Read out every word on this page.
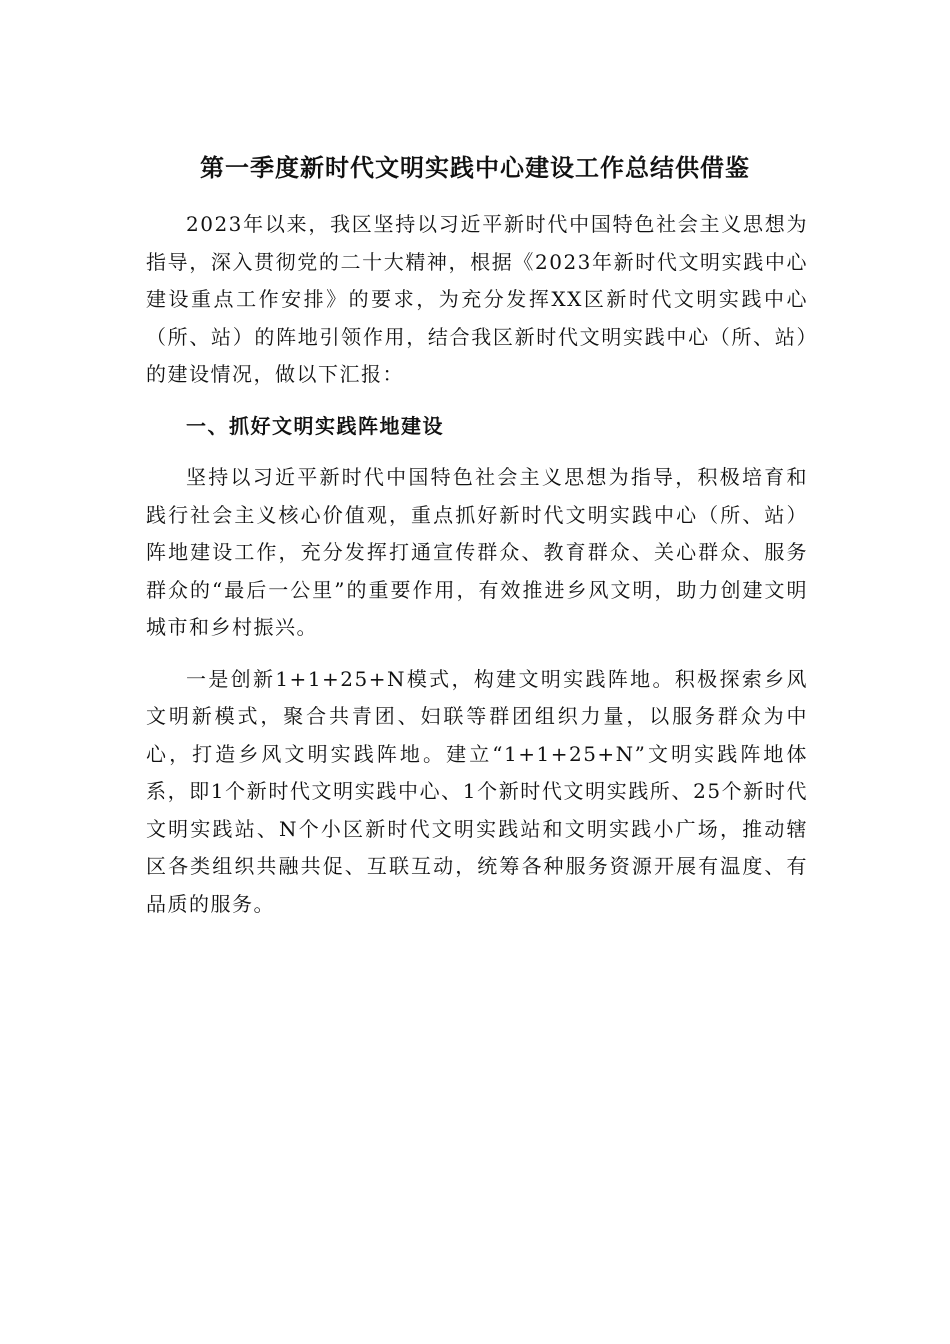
第一季度新时代文明实践中心建设工作总结供借鉴

2023年以来，我区坚持以习近平新时代中国特色社会主义思想为指导，深入贯彻党的二十大精神，根据《2023年新时代文明实践中心建设重点工作安排》的要求，为充分发挥XX区新时代文明实践中心（所、站）的阵地引领作用，结合我区新时代文明实践中心（所、站）的建设情况，做以下汇报：

一、抓好文明实践阵地建设

坚持以习近平新时代中国特色社会主义思想为指导，积极培育和践行社会主义核心价值观，重点抓好新时代文明实践中心（所、站）阵地建设工作，充分发挥打通宣传群众、教育群众、关心群众、服务群众的“最后一公里”的重要作用，有效推进乡风文明，助力创建文明城市和乡村振兴。

一是创新1+1+25+N模式，构建文明实践阵地。积极探索乡风文明新模式，聚合共青团、妇联等群团组织力量，以服务群众为中心，打造乡风文明实践阵地。建立“1+1+25+N”文明实践阵地体系，即1个新时代文明实践中心、1个新时代文明实践所、25个新时代文明实践站、N个小区新时代文明实践站和文明实践小广场，推动辖区各类组织共融共促、互联互动，统筹各种服务资源开展有温度、有品质的服务。
